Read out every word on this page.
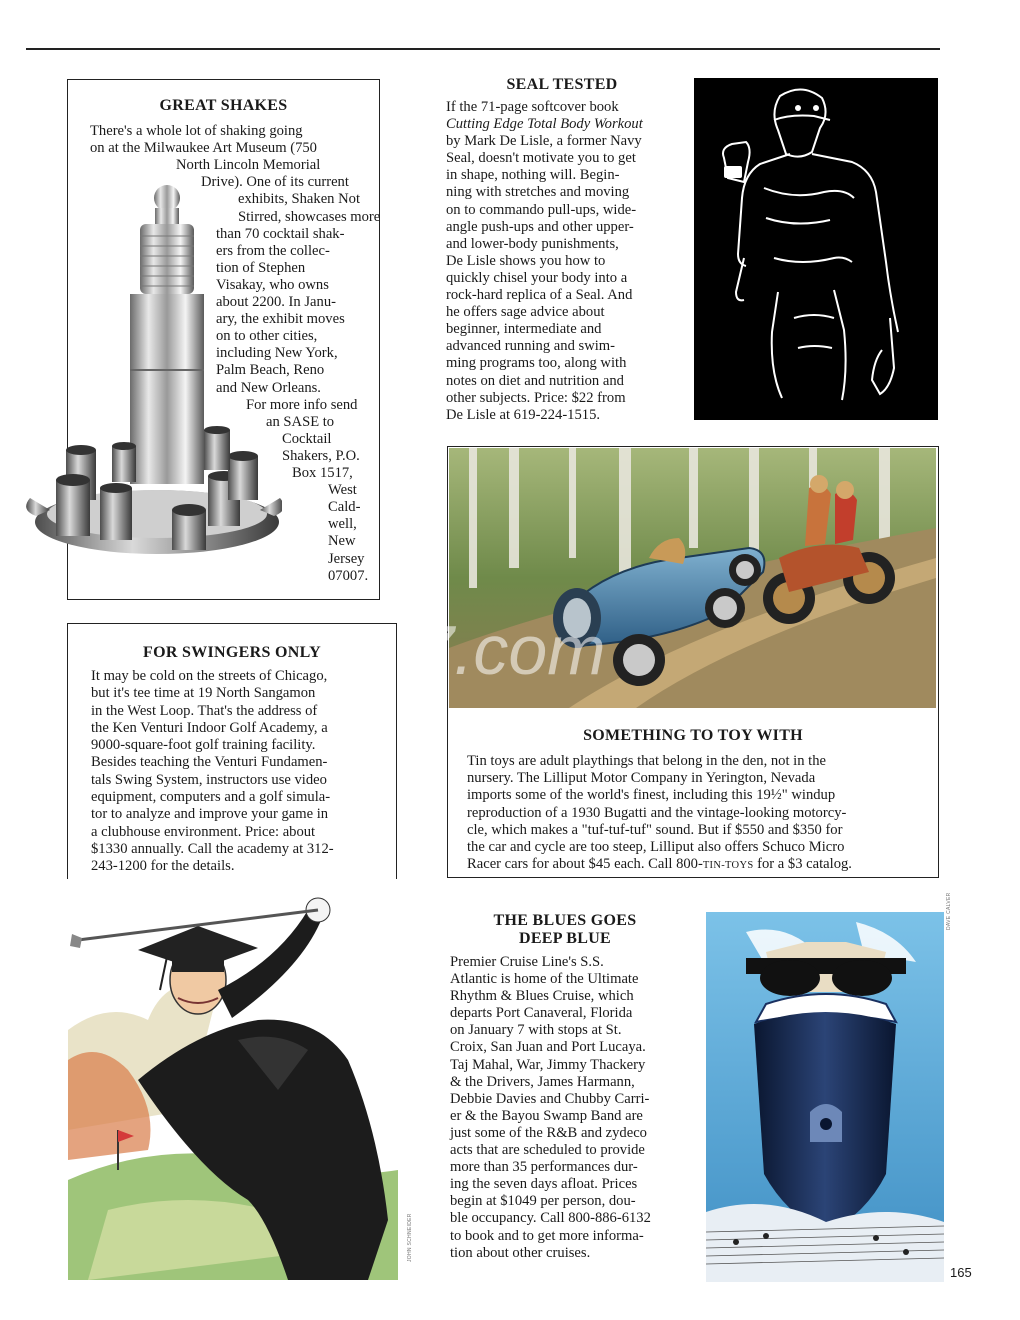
GREAT SHAKES
There's a whole lot of shaking going
on at the Milwaukee Art Museum (750
North Lincoln Memorial
Drive). One of its current
exhibits, Shaken Not
Stirred, showcases more
than 70 cocktail shak-
ers from the collec-
tion of Stephen
Visakay, who owns
about 2200. In Janu-
ary, the exhibit moves
on to other cities,
including New York,
Palm Beach, Reno
and New Orleans.
For more info send
an SASE to
Cocktail
Shakers, P.O.
Box 1517,
West
Cald-
well,
New
Jersey
07007.
SEAL TESTED
If the 71-page softcover book
Cutting Edge Total Body Workout
by Mark De Lisle, a former Navy
Seal, doesn't motivate you to get
in shape, nothing will. Begin-
ning with stretches and moving
on to commando pull-ups, wide-
angle push-ups and other upper-
and lower-body punishments,
De Lisle shows you how to
quickly chisel your body into a
rock-hard replica of a Seal. And
he offers sage advice about
beginner, intermediate and
advanced running and swim-
ming programs too, along with
notes on diet and nutrition and
other subjects. Price: $22 from
De Lisle at 619-224-1515.
SOMETHING TO TOY WITH
Tin toys are adult playthings that belong in the den, not in the
nursery. The Lilliput Motor Company in Yerington, Nevada
imports some of the world's finest, including this 19½" windup
reproduction of a 1930 Bugatti and the vintage-looking motorcy-
cle, which makes a "tuf-tuf-tuf" sound. But if $550 and $350 for
the car and cycle are too steep, Lilliput also offers Schuco Micro
Racer cars for about $45 each. Call 800-TIN-TOYS for a $3 catalog.
FOR SWINGERS ONLY
It may be cold on the streets of Chicago,
but it's tee time at 19 North Sangamon
in the West Loop. That's the address of
the Ken Venturi Indoor Golf Academy, a
9000-square-foot golf training facility.
Besides teaching the Venturi Fundamen-
tals Swing System, instructors use video
equipment, computers and a golf simula-
tor to analyze and improve your game in
a clubhouse environment. Price: about
$1330 annually. Call the academy at 312-
243-1200 for the details.
JOHN SCHNEIDER
THE BLUES GOES
DEEP BLUE
Premier Cruise Line's S.S.
Atlantic is home of the Ultimate
Rhythm & Blues Cruise, which
departs Port Canaveral, Florida
on January 7 with stops at St.
Croix, San Juan and Port Lucaya.
Taj Mahal, War, Jimmy Thackery
& the Drivers, James Harmann,
Debbie Davies and Chubby Carri-
er & the Bayou Swamp Band are
just some of the R&B and zydeco
acts that are scheduled to provide
more than 35 performances dur-
ing the seven days afloat. Prices
begin at $1049 per person, dou-
ble occupancy. Call 800-886-6132
to book and to get more informa-
tion about other cruises.
DAVE CALVER
165
7.com
